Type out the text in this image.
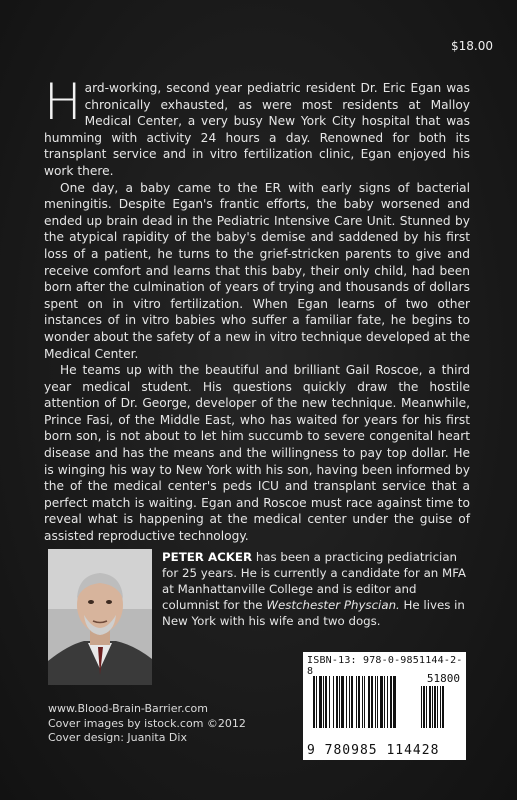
$18.00

Hard-working, second year pediatric resident Dr. Eric Egan was chronically exhausted, as were most residents at Malloy Medical Center, a very busy New York City hospital that was humming with activity 24 hours a day. Renowned for both its transplant service and in vitro fertilization clinic, Egan enjoyed his work there.

One day, a baby came to the ER with early signs of bacterial meningitis. Despite Egan's frantic efforts, the baby worsened and ended up brain dead in the Pediatric Intensive Care Unit. Stunned by the atypical rapidity of the baby's demise and saddened by his first loss of a patient, he turns to the grief-stricken parents to give and receive comfort and learns that this baby, their only child, had been born after the culmination of years of trying and thousands of dollars spent on in vitro fertilization. When Egan learns of two other instances of in vitro babies who suffer a familiar fate, he begins to wonder about the safety of a new in vitro technique developed at the Medical Center.

He teams up with the beautiful and brilliant Gail Roscoe, a third year medical student. His questions quickly draw the hostile attention of Dr. George, developer of the new technique. Meanwhile, Prince Fasi, of the Middle East, who has waited for years for his first born son, is not about to let him succumb to severe congenital heart disease and has the means and the willingness to pay top dollar. He is winging his way to New York with his son, having been informed by the of the medical center's peds ICU and transplant service that a perfect match is waiting. Egan and Roscoe must race against time to reveal what is happening at the medical center under the guise of assisted reproductive technology.

PETER ACKER has been a practicing pediatrician for 25 years. He is currently a candidate for an MFA at Manhattanville College and is editor and columnist for the Westchester Physcian. He lives in New York with his wife and two dogs.
www.Blood-Brain-Barrier.com
Cover images by istock.com ©2012
Cover design: Juanita Dix
ISBN-13: 978-0-9851144-2-8
51800
9 780985 114428
